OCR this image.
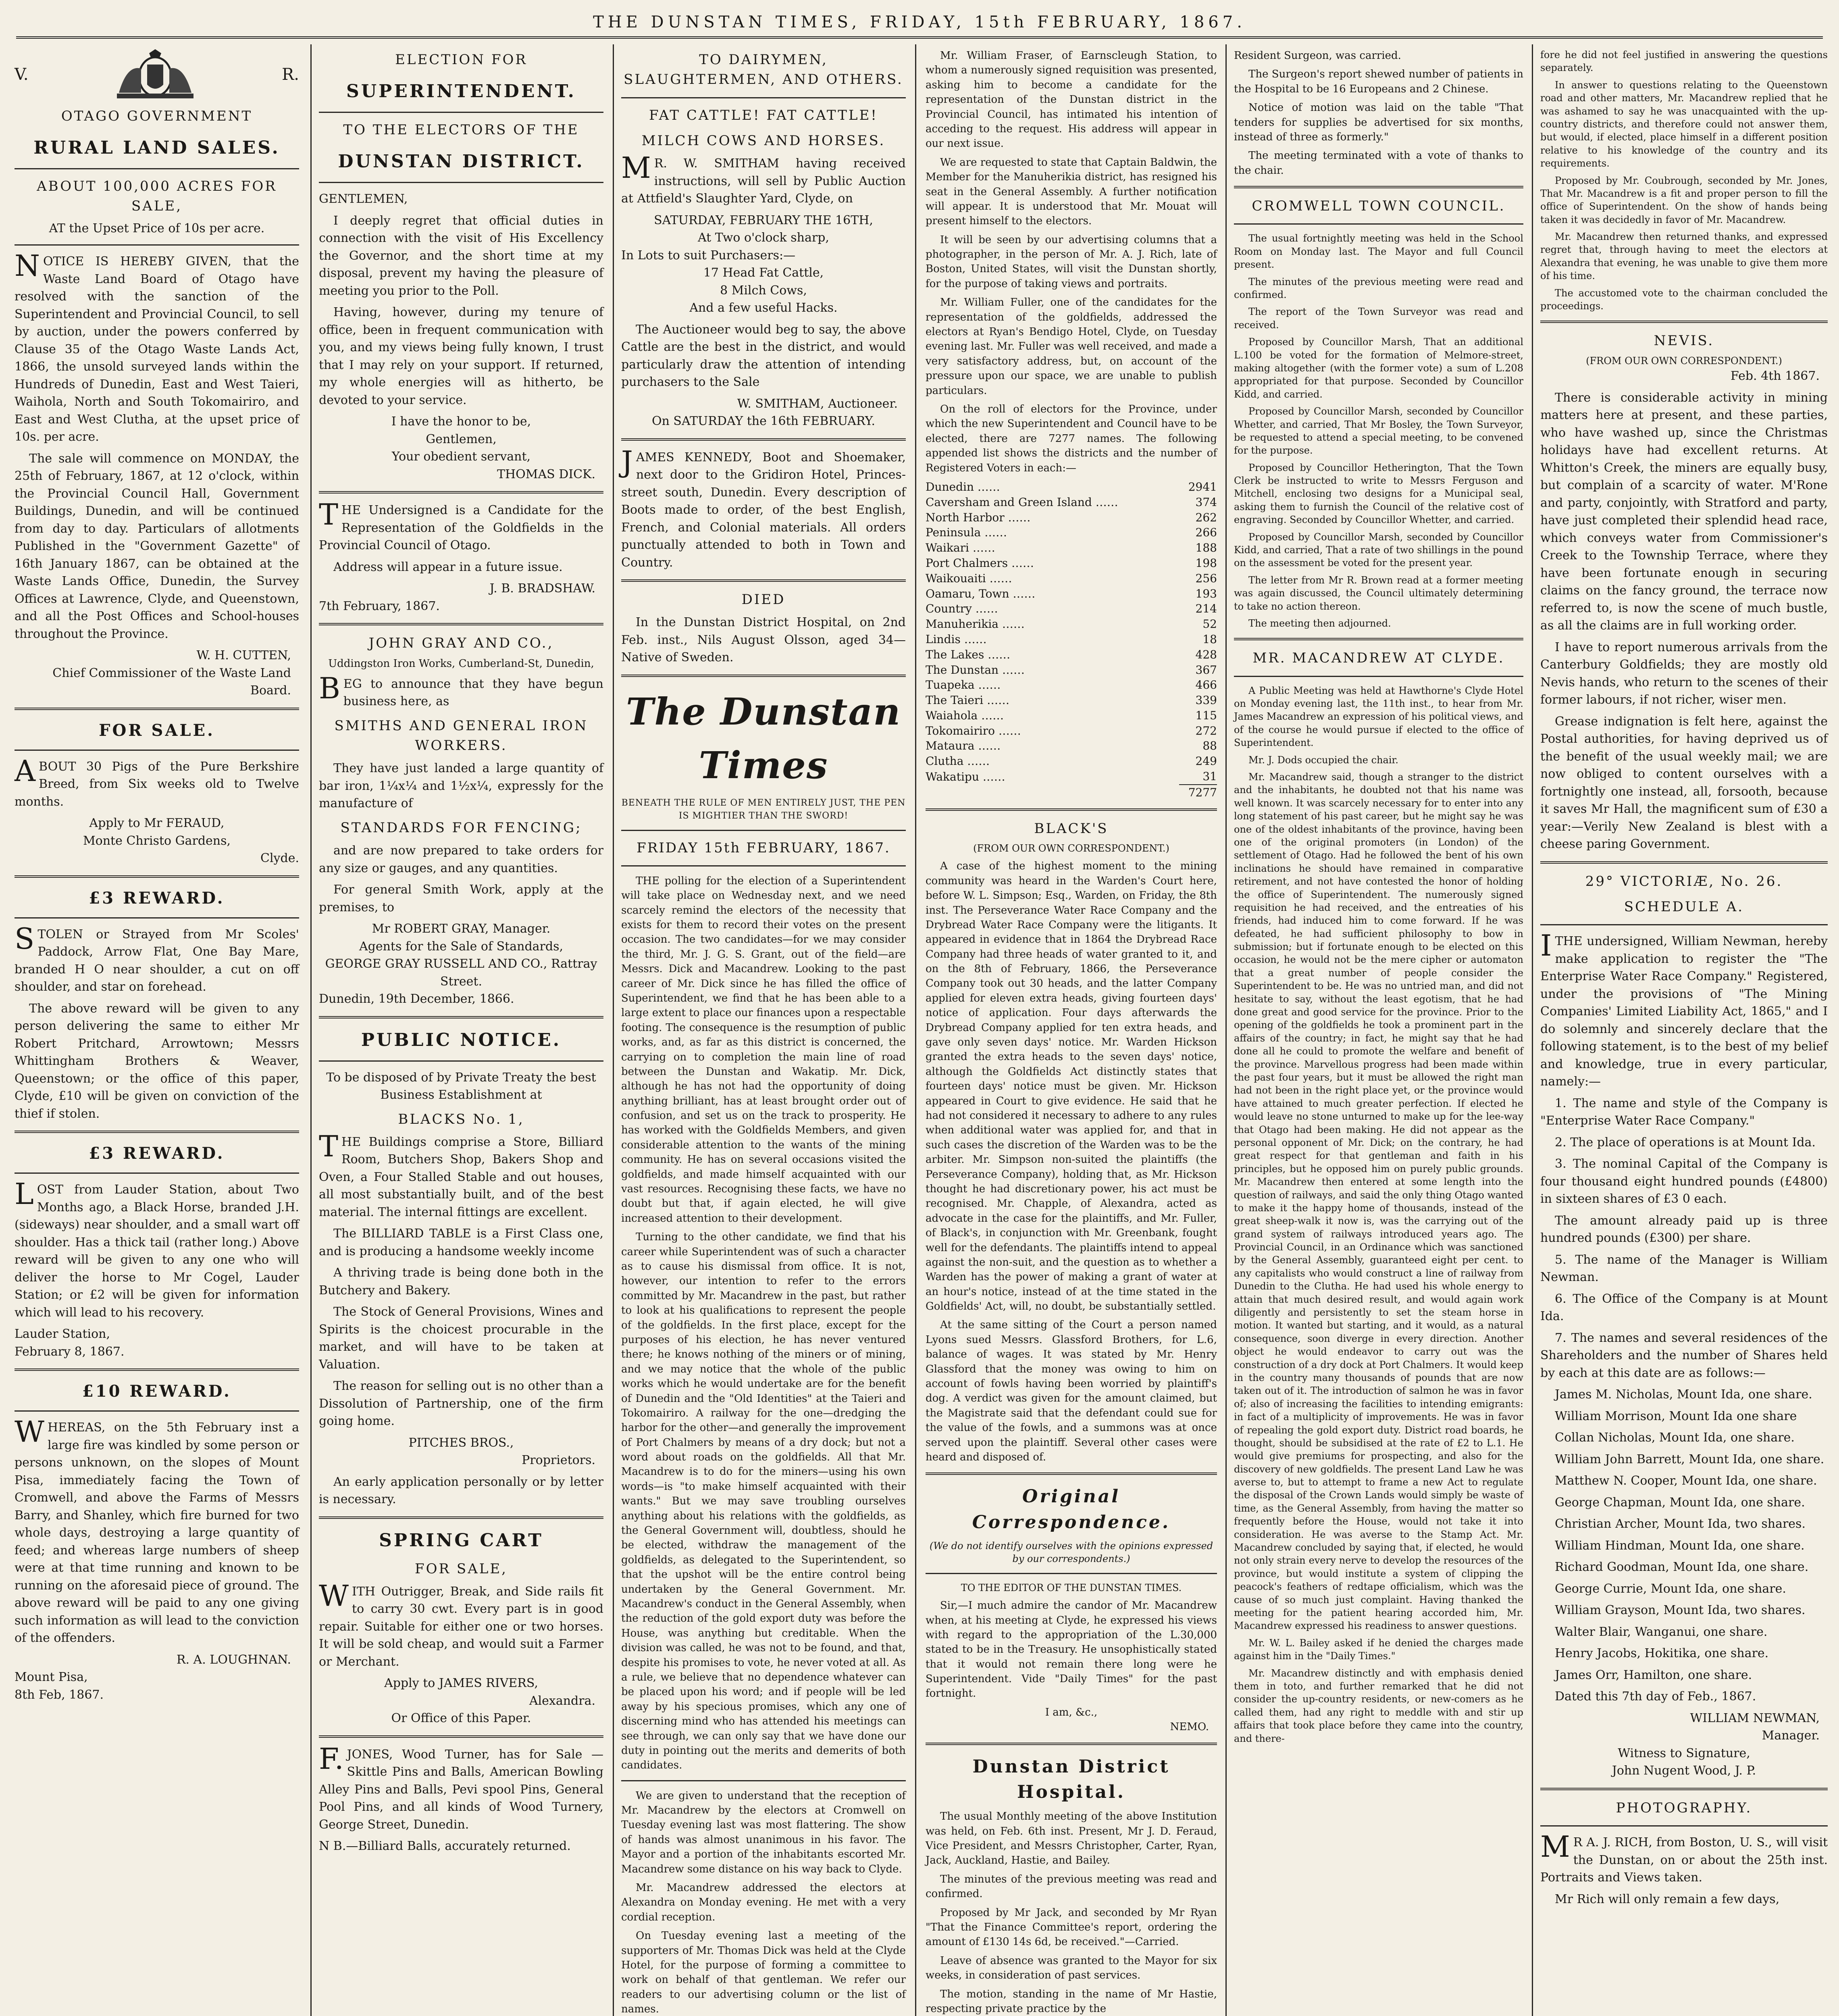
THE DUNSTAN TIMES, FRIDAY, 15th FEBRUARY, 1867.
V.	R.
OTAGO GOVERNMENT
RURAL LAND SALES.
ABOUT 100,000 ACRES FOR SALE,
AT the Upset Price of 10s per acre.

NOTICE IS HEREBY GIVEN, that the Waste Land Board of Otago have resolved with the sanction of the Superintendent and Provincial Council, to sell by auction, under the powers conferred by Clause 35 of the Otago Waste Lands Act, 1866, the unsold surveyed lands within the Hundreds of Dunedin, East and West Taieri, Waihola, North and South Tokomairiro, and East and West Clutha, at the upset price of 10s. per acre.

The sale will commence on MONDAY, the 25th of February, 1867, at 12 o'clock, within the Provincial Council Hall, Government Buildings, Dunedin, and will be continued from day to day. Particulars of allotments Published in the "Government Gazette" of 16th January 1867, can be obtained at the Waste Lands Office, Dunedin, the Survey Offices at Lawrence, Clyde, and Queenstown, and all the Post Offices and School-houses throughout the Province.

W. H. CUTTEN,
Chief Commissioner of the Waste Land Board.
FOR SALE.

ABOUT 30 Pigs of the Pure Berkshire Breed, from Six weeks old to Twelve months.

Apply to Mr FERAUD,
Monte Christo Gardens,
Clyde.
£3 REWARD.

STOLEN or Strayed from Mr Scoles' Paddock, Arrow Flat, One Bay Mare, branded H O near shoulder, a cut on off shoulder, and star on forehead.

The above reward will be given to any person delivering the same to either Mr Robert Pritchard, Arrowtown; Messrs Whittingham Brothers & Weaver, Queenstown; or the office of this paper, Clyde, £10 will be given on conviction of the thief if stolen.

£3 REWARD.

LOST from Lauder Station, about Two Months ago, a Black Horse, branded J.H. (sideways) near shoulder, and a small wart off shoulder. Has a thick tail (rather long.) Above reward will be given to any one who will deliver the horse to Mr Cogel, Lauder Station; or £2 will be given for information which will lead to his recovery.

Lauder Station,
February 8, 1867.
£10 REWARD.

WHEREAS, on the 5th February inst a large fire was kindled by some person or persons unknown, on the slopes of Mount Pisa, immediately facing the Town of Cromwell, and above the Farms of Messrs Barry, and Shanley, which fire burned for two whole days, destroying a large quantity of feed; and whereas large numbers of sheep were at that time running and known to be running on the aforesaid piece of ground. The above reward will be paid to any one giving such information as will lead to the conviction of the offenders.

R. A. LOUGHNAN.
Mount Pisa,
8th Feb, 1867.
ELECTION FOR
SUPERINTENDENT.
TO THE ELECTORS OF THE
DUNSTAN DISTRICT.
GENTLEMEN,

I deeply regret that official duties in connection with the visit of His Excellency the Governor, and the short time at my disposal, prevent my having the pleasure of meeting you prior to the Poll.

Having, however, during my tenure of office, been in frequent communication with you, and my views being fully known, I trust that I may rely on your support. If returned, my whole energies will as hitherto, be devoted to your service.

I have the honor to be,
Gentlemen,
Your obedient servant,
THOMAS DICK.

THE Undersigned is a Candidate for the Representation of the Goldfields in the Provincial Council of Otago.

Address will appear in a future issue.

J. B. BRADSHAW.
7th February, 1867.
JOHN GRAY AND CO.,
Uddingston Iron Works, Cumberland-St, Dunedin,

BEG to announce that they have begun business here, as

SMITHS AND GENERAL IRON WORKERS.

They have just landed a large quantity of bar iron, 1¼x¼ and 1½x¼, expressly for the manufacture of

STANDARDS FOR FENCING;

and are now prepared to take orders for any size or gauges, and any quantities.

For general Smith Work, apply at the premises, to

Mr ROBERT GRAY, Manager.
Agents for the Sale of Standards,
GEORGE GRAY RUSSELL AND CO., Rattray Street.
Dunedin, 19th December, 1866.
PUBLIC NOTICE.
To be disposed of by Private Treaty the best Business Establishment at
BLACKS No. 1,

THE Buildings comprise a Store, Billiard Room, Butchers Shop, Bakers Shop and Oven, a Four Stalled Stable and out houses, all most substantially built, and of the best material. The internal fittings are excellent.

The BILLIARD TABLE is a First Class one, and is producing a handsome weekly income

A thriving trade is being done both in the Butchery and Bakery.

The Stock of General Provisions, Wines and Spirits is the choicest procurable in the market, and will have to be taken at Valuation.

The reason for selling out is no other than a Dissolution of Partnership, one of the firm going home.

PITCHES BROS.,
Proprietors.

An early application personally or by letter is necessary.

SPRING CART
FOR SALE,

WITH Outrigger, Break, and Side rails fit to carry 30 cwt. Every part is in good repair. Suitable for either one or two horses. It will be sold cheap, and would suit a Farmer or Merchant.

Apply to JAMES RIVERS,
Alexandra.
Or Office of this Paper.

F.JONES, Wood Turner, has for Sale —Skittle Pins and Balls, American Bowling Alley Pins and Balls, Pevi spool Pins, General Pool Pins, and all kinds of Wood Turnery, George Street, Dunedin.

N B.—Billiard Balls, accurately returned.

TO DAIRYMEN, SLAUGHTERMEN, AND OTHERS.
FAT CATTLE! FAT CATTLE!
MILCH COWS AND HORSES.

MR. W. SMITHAM having received instructions, will sell by Public Auction at Attfield's Slaughter Yard, Clyde, on

SATURDAY, FEBRUARY THE 16TH,
At Two o'clock sharp,
In Lots to suit Purchasers:—
17 Head Fat Cattle,
8 Milch Cows,
And a few useful Hacks.

The Auctioneer would beg to say, the above Cattle are the best in the district, and would particularly draw the attention of intending purchasers to the Sale

W. SMITHAM, Auctioneer.
On SATURDAY the 16th FEBRUARY.

JAMES KENNEDY, Boot and Shoemaker, next door to the Gridiron Hotel, Princes-street south, Dunedin. Every description of Boots made to order, of the best English, French, and Colonial materials. All orders punctually attended to both in Town and Country.

DIED

In the Dunstan District Hospital, on 2nd Feb. inst., Nils August Olsson, aged 34—Native of Sweden.

The Dunstan Times
BENEATH THE RULE OF MEN ENTIRELY JUST, THE PEN IS MIGHTIER THAN THE SWORD!
FRIDAY 15th FEBRUARY, 1867.

THE polling for the election of a Superintendent will take place on Wednesday next, and we need scarcely remind the electors of the necessity that exists for them to record their votes on the present occasion. The two candidates—for we may consider the third, Mr. J. G. S. Grant, out of the field—are Messrs. Dick and Macandrew. Looking to the past career of Mr. Dick since he has filled the office of Superintendent, we find that he has been able to a large extent to place our finances upon a respectable footing. The consequence is the resumption of public works, and, as far as this district is concerned, the carrying on to completion the main line of road between the Dunstan and Wakatip. Mr. Dick, although he has not had the opportunity of doing anything brilliant, has at least brought order out of confusion, and set us on the track to prosperity. He has worked with the Goldfields Members, and given considerable attention to the wants of the mining community. He has on several occasions visited the goldfields, and made himself acquainted with our vast resources. Recognising these facts, we have no doubt but that, if again elected, he will give increased attention to their development.

Turning to the other candidate, we find that his career while Superintendent was of such a character as to cause his dismissal from office. It is not, however, our intention to refer to the errors committed by Mr. Macandrew in the past, but rather to look at his qualifications to represent the people of the goldfields. In the first place, except for the purposes of his election, he has never ventured there; he knows nothing of the miners or of mining, and we may notice that the whole of the public works which he would undertake are for the benefit of Dunedin and the "Old Identities" at the Taieri and Tokomairiro. A railway for the one—dredging the harbor for the other—and generally the improvement of Port Chalmers by means of a dry dock; but not a word about roads on the goldfields. All that Mr. Macandrew is to do for the miners—using his own words—is "to make himself acquainted with their wants." But we may save troubling ourselves anything about his relations with the goldfields, as the General Government will, doubtless, should he be elected, withdraw the management of the goldfields, as delegated to the Superintendent, so that the upshot will be the entire control being undertaken by the General Government. Mr. Macandrew's conduct in the General Assembly, when the reduction of the gold export duty was before the House, was anything but creditable. When the division was called, he was not to be found, and that, despite his promises to vote, he never voted at all. As a rule, we believe that no dependence whatever can be placed upon his word; and if people will be led away by his specious promises, which any one of discerning mind who has attended his meetings can see through, we can only say that we have done our duty in pointing out the merits and demerits of both candidates.

We are given to understand that the reception of Mr. Macandrew by the electors at Cromwell on Tuesday evening last was most flattering. The show of hands was almost unanimous in his favor. The Mayor and a portion of the inhabitants escorted Mr. Macandrew some distance on his way back to Clyde.

Mr. Macandrew addressed the electors at Alexandra on Monday evening. He met with a very cordial reception.

On Tuesday evening last a meeting of the supporters of Mr. Thomas Dick was held at the Clyde Hotel, for the purpose of forming a committee to work on behalf of that gentleman. We refer our readers to our advertising column or the list of names.

Mr. William Fraser, of Earnscleugh Station, to whom a numerously signed requisition was presented, asking him to become a candidate for the representation of the Dunstan district in the Provincial Council, has intimated his intention of acceding to the request. His address will appear in our next issue.

We are requested to state that Captain Baldwin, the Member for the Manuherikia district, has resigned his seat in the General Assembly. A further notification will appear. It is understood that Mr. Mouat will present himself to the electors.

It will be seen by our advertising columns that a photographer, in the person of Mr. A. J. Rich, late of Boston, United States, will visit the Dunstan shortly, for the purpose of taking views and portraits.

Mr. William Fuller, one of the candidates for the representation of the goldfields, addressed the electors at Ryan's Bendigo Hotel, Clyde, on Tuesday evening last. Mr. Fuller was well received, and made a very satisfactory address, but, on account of the pressure upon our space, we are unable to publish particulars.

On the roll of electors for the Province, under which the new Superintendent and Council have to be elected, there are 7277 names. The following appended list shows the districts and the number of Registered Voters in each:—

Dunedin ……	2941
Caversham and Green Island ……	374
North Harbor ……	262
Peninsula ……	266
Waikari ……	188
Port Chalmers ……	198
Waikouaiti ……	256
Oamaru, Town ……	193
Country ……	214
Manuherikia ……	52
Lindis ……	18
The Lakes ……	428
The Dunstan ……	367
Tuapeka ……	466
The Taieri ……	339
Waiahola ……	115
Tokomairiro ……	272
Mataura ……	88
Clutha ……	249
Wakatipu ……	31
	7277
BLACK'S
(FROM OUR OWN CORRESPONDENT.)

A case of the highest moment to the mining community was heard in the Warden's Court here, before W. L. Simpson; Esq., Warden, on Friday, the 8th inst. The Perseverance Water Race Company and the Drybread Water Race Company were the litigants. It appeared in evidence that in 1864 the Drybread Race Company had three heads of water granted to it, and on the 8th of February, 1866, the Perseverance Company took out 30 heads, and the latter Company applied for eleven extra heads, giving fourteen days' notice of application. Four days afterwards the Drybread Company applied for ten extra heads, and gave only seven days' notice. Mr. Warden Hickson granted the extra heads to the seven days' notice, although the Goldfields Act distinctly states that fourteen days' notice must be given. Mr. Hickson appeared in Court to give evidence. He said that he had not considered it necessary to adhere to any rules when additional water was applied for, and that in such cases the discretion of the Warden was to be the arbiter. Mr. Simpson non-suited the plaintiffs (the Perseverance Company), holding that, as Mr. Hickson thought he had discretionary power, his act must be recognised. Mr. Chapple, of Alexandra, acted as advocate in the case for the plaintiffs, and Mr. Fuller, of Black's, in conjunction with Mr. Greenbank, fought well for the defendants. The plaintiffs intend to appeal against the non-suit, and the question as to whether a Warden has the power of making a grant of water at an hour's notice, instead of at the time stated in the Goldfields' Act, will, no doubt, be substantially settled.

At the same sitting of the Court a person named Lyons sued Messrs. Glassford Brothers, for L.6, balance of wages. It was stated by Mr. Henry Glassford that the money was owing to him on account of fowls having been worried by plaintiff's dog. A verdict was given for the amount claimed, but the Magistrate said that the defendant could sue for the value of the fowls, and a summons was at once served upon the plaintiff. Several other cases were heard and disposed of.

Original Correspondence.
(We do not identify ourselves with the opinions expressed by our correspondents.)
TO THE EDITOR OF THE DUNSTAN TIMES.

Sir,—I much admire the candor of Mr. Macandrew when, at his meeting at Clyde, he expressed his views with regard to the appropriation of the L.30,000 stated to be in the Treasury. He unsophistically stated that it would not remain there long were he Superintendent. Vide "Daily Times" for the past fortnight.

I am, &c.,
NEMO.
Dunstan District Hospital.

The usual Monthly meeting of the above Institution was held, on Feb. 6th inst. Present, Mr J. D. Feraud, Vice President, and Messrs Christopher, Carter, Ryan, Jack, Auckland, Hastie, and Bailey.

The minutes of the previous meeting was read and confirmed.

Proposed by Mr Jack, and seconded by Mr Ryan "That the Finance Committee's report, ordering the amount of £130 14s 6d, be received."—Carried.

Leave of absence was granted to the Mayor for six weeks, in consideration of past services.

The motion, standing in the name of Mr Hastie, respecting private practice by the

Resident Surgeon, was carried.

The Surgeon's report shewed number of patients in the Hospital to be 16 Europeans and 2 Chinese.

Notice of motion was laid on the table "That tenders for supplies be advertised for six months, instead of three as formerly."

The meeting terminated with a vote of thanks to the chair.

CROMWELL TOWN COUNCIL.

The usual fortnightly meeting was held in the School Room on Monday last. The Mayor and full Council present.

The minutes of the previous meeting were read and confirmed.

The report of the Town Surveyor was read and received.

Proposed by Councillor Marsh, That an additional L.100 be voted for the formation of Melmore-street, making altogether (with the former vote) a sum of L.208 appropriated for that purpose. Seconded by Councillor Kidd, and carried.

Proposed by Councillor Marsh, seconded by Councillor Whetter, and carried, That Mr Bosley, the Town Surveyor, be requested to attend a special meeting, to be convened for the purpose.

Proposed by Councillor Hetherington, That the Town Clerk be instructed to write to Messrs Ferguson and Mitchell, enclosing two designs for a Municipal seal, asking them to furnish the Council of the relative cost of engraving. Seconded by Councillor Whetter, and carried.

Proposed by Councillor Marsh, seconded by Councillor Kidd, and carried, That a rate of two shillings in the pound on the assessment be voted for the present year.

The letter from Mr R. Brown read at a former meeting was again discussed, the Council ultimately determining to take no action thereon.

The meeting then adjourned.

MR. MACANDREW AT CLYDE.

A Public Meeting was held at Hawthorne's Clyde Hotel on Monday evening last, the 11th inst., to hear from Mr. James Macandrew an expression of his political views, and of the course he would pursue if elected to the office of Superintendent.

Mr. J. Dods occupied the chair.

Mr. Macandrew said, though a stranger to the district and the inhabitants, he doubted not that his name was well known. It was scarcely necessary for to enter into any long statement of his past career, but he might say he was one of the oldest inhabitants of the province, having been one of the original promoters (in London) of the settlement of Otago. Had he followed the bent of his own inclinations he should have remained in comparative retirement, and not have contested the honor of holding the office of Superintendent. The numerously signed requisition he had received, and the entreaties of his friends, had induced him to come forward. If he was defeated, he had sufficient philosophy to bow in submission; but if fortunate enough to be elected on this occasion, he would not be the mere cipher or automaton that a great number of people consider the Superintendent to be. He was no untried man, and did not hesitate to say, without the least egotism, that he had done great and good service for the province. Prior to the opening of the goldfields he took a prominent part in the affairs of the country; in fact, he might say that he had done all he could to promote the welfare and benefit of the province. Marvellous progress had been made within the past four years, but it must be allowed the right man had not been in the right place yet, or the province would have attained to much greater perfection. If elected he would leave no stone unturned to make up for the lee-way that Otago had been making. He did not appear as the personal opponent of Mr. Dick; on the contrary, he had great respect for that gentleman and faith in his principles, but he opposed him on purely public grounds. Mr. Macandrew then entered at some length into the question of railways, and said the only thing Otago wanted to make it the happy home of thousands, instead of the great sheep-walk it now is, was the carrying out of the grand system of railways introduced years ago. The Provincial Council, in an Ordinance which was sanctioned by the General Assembly, guaranteed eight per cent. to any capitalists who would construct a line of railway from Dunedin to the Clutha. He had used his whole energy to attain that much desired result, and would again work diligently and persistently to set the steam horse in motion. It wanted but starting, and it would, as a natural consequence, soon diverge in every direction. Another object he would endeavor to carry out was the construction of a dry dock at Port Chalmers. It would keep in the country many thousands of pounds that are now taken out of it. The introduction of salmon he was in favor of; also of increasing the facilities to intending emigrants: in fact of a multiplicity of improvements. He was in favor of repealing the gold export duty. District road boards, he thought, should be subsidised at the rate of £2 to L.1. He would give premiums for prospecting, and also for the discovery of new goldfields. The present Land Law he was averse to, but to attempt to frame a new Act to regulate the disposal of the Crown Lands would simply be waste of time, as the General Assembly, from having the matter so frequently before the House, would not take it into consideration. He was averse to the Stamp Act. Mr. Macandrew concluded by saying that, if elected, he would not only strain every nerve to develop the resources of the province, but would institute a system of clipping the peacock's feathers of redtape officialism, which was the cause of so much just complaint. Having thanked the meeting for the patient hearing accorded him, Mr. Macandrew expressed his readiness to answer questions.

Mr. W. L. Bailey asked if he denied the charges made against him in the "Daily Times."

Mr. Macandrew distinctly and with emphasis denied them in toto, and further remarked that he did not consider the up-country residents, or new-comers as he called them, had any right to meddle with and stir up affairs that took place before they came into the country, and there-

fore he did not feel justified in answering the questions separately.

In answer to questions relating to the Queenstown road and other matters, Mr. Macandrew replied that he was ashamed to say he was unacquainted with the up-country districts, and therefore could not answer them, but would, if elected, place himself in a different position relative to his knowledge of the country and its requirements.

Proposed by Mr. Coubrough, seconded by Mr. Jones, That Mr. Macandrew is a fit and proper person to fill the office of Superintendent. On the show of hands being taken it was decidedly in favor of Mr. Macandrew.

Mr. Macandrew then returned thanks, and expressed regret that, through having to meet the electors at Alexandra that evening, he was unable to give them more of his time.

The accustomed vote to the chairman concluded the proceedings.

NEVIS.
(FROM OUR OWN CORRESPONDENT.)
Feb. 4th 1867.

There is considerable activity in mining matters here at present, and these parties, who have washed up, since the Christmas holidays have had excellent returns. At Whitton's Creek, the miners are equally busy, but complain of a scarcity of water. M'Rone and party, conjointly, with Stratford and party, have just completed their splendid head race, which conveys water from Commissioner's Creek to the Township Terrace, where they have been fortunate enough in securing claims on the fancy ground, the terrace now referred to, is now the scene of much bustle, as all the claims are in full working order.

I have to report numerous arrivals from the Canterbury Goldfields; they are mostly old Nevis hands, who return to the scenes of their former labours, if not richer, wiser men.

Grease indignation is felt here, against the Postal authorities, for having deprived us of the benefit of the usual weekly mail; we are now obliged to content ourselves with a fortnightly one instead, all, forsooth, because it saves Mr Hall, the magnificent sum of £30 a year:—Verily New Zealand is blest with a cheese paring Government.

29° VICTORIÆ, No. 26.
SCHEDULE A.

ITHE undersigned, William Newman, hereby make application to register the "The Enterprise Water Race Company." Registered, under the provisions of "The Mining Companies' Limited Liability Act, 1865," and I do solemnly and sincerely declare that the following statement, is to the best of my belief and knowledge, true in every particular, namely:—

1. The name and style of the Company is "Enterprise Water Race Company."

2. The place of operations is at Mount Ida.

3. The nominal Capital of the Company is four thousand eight hundred pounds (£4800) in sixteen shares of £3 0 each.

The amount already paid up is three hundred pounds (£300) per share.

5. The name of the Manager is William Newman.

6. The Office of the Company is at Mount Ida.

7. The names and several residences of the Shareholders and the number of Shares held by each at this date are as follows:—

James M. Nicholas, Mount Ida, one share.

William Morrison, Mount Ida one share

Collan Nicholas, Mount Ida, one share.

William John Barrett, Mount Ida, one share.

Matthew N. Cooper, Mount Ida, one share.

George Chapman, Mount Ida, one share.

Christian Archer, Mount Ida, two shares.

William Hindman, Mount Ida, one share.

Richard Goodman, Mount Ida, one share.

George Currie, Mount Ida, one share.

William Grayson, Mount Ida, two shares.

Walter Blair, Wanganui, one share.

Henry Jacobs, Hokitika, one share.

James Orr, Hamilton, one share.

Dated this 7th day of Feb., 1867.

WILLIAM NEWMAN,
Manager.
Witness to Signature,
John Nugent Wood, J. P.
PHOTOGRAPHY.

MR A. J. RICH, from Boston, U. S., will visit the Dunstan, on or about the 25th inst. Portraits and Views taken.

Mr Rich will only remain a few days,
